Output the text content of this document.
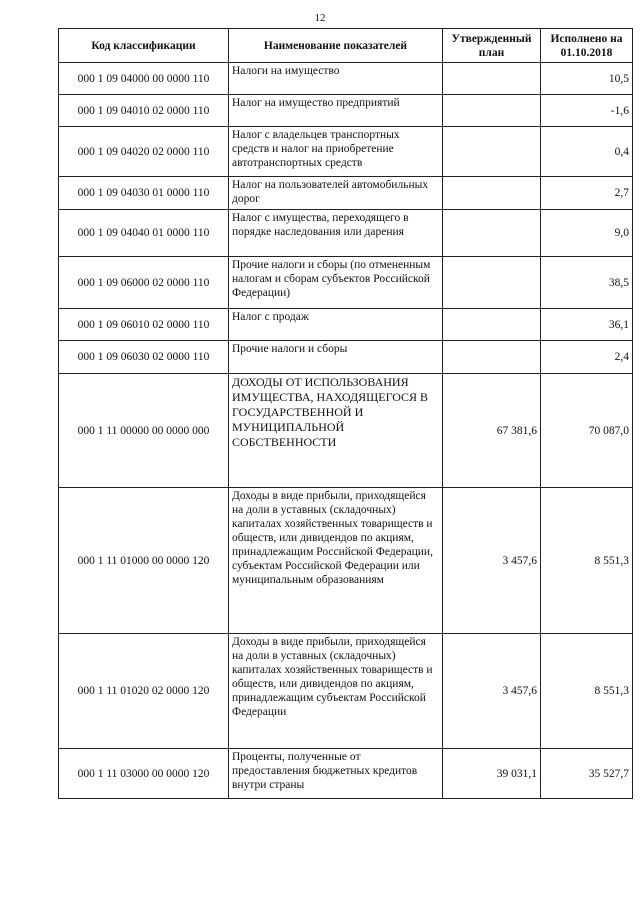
12
Код классификации	Наименование показателей	Утвержденный план	Исполнено на 01.10.2018
000 1 09 04000 00 0000 110	Налоги на имущество		10,5
000 1 09 04010 02 0000 110	Налог на имущество предприятий		-1,6
000 1 09 04020 02 0000 110	Налог с владельцев транспортных средств и налог на приобретение автотранспортных средств		0,4
000 1 09 04030 01 0000 110	Налог на пользователей автомобильных дорог		2,7
000 1 09 04040 01 0000 110	Налог с имущества, переходящего в порядке наследования или дарения		9,0
000 1 09 06000 02 0000 110	Прочие налоги и сборы (по отмененным налогам и сборам субъектов Российской Федерации)		38,5
000 1 09 06010 02 0000 110	Налог с продаж		36,1
000 1 09 06030 02 0000 110	Прочие налоги и сборы		2,4
000 1 11 00000 00 0000 000	ДОХОДЫ ОТ ИСПОЛЬЗОВАНИЯ ИМУЩЕСТВА, НАХОДЯЩЕГОСЯ В ГОСУДАРСТВЕННОЙ И МУНИЦИПАЛЬНОЙ СОБСТВЕННОСТИ	67 381,6	70 087,0
000 1 11 01000 00 0000 120	Доходы в виде прибыли, приходящейся на доли в уставных (складочных) капиталах хозяйственных товариществ и обществ, или дивидендов по акциям, принадлежащим Российской Федерации, субъектам Российской Федерации или муниципальным образованиям	3 457,6	8 551,3
000 1 11 01020 02 0000 120	Доходы в виде прибыли, приходящейся на доли в уставных (складочных) капиталах хозяйственных товариществ и обществ, или дивидендов по акциям, принадлежащим субъектам Российской Федерации	3 457,6	8 551,3
000 1 11 03000 00 0000 120	Проценты, полученные от предоставления бюджетных кредитов внутри страны	39 031,1	35 527,7
